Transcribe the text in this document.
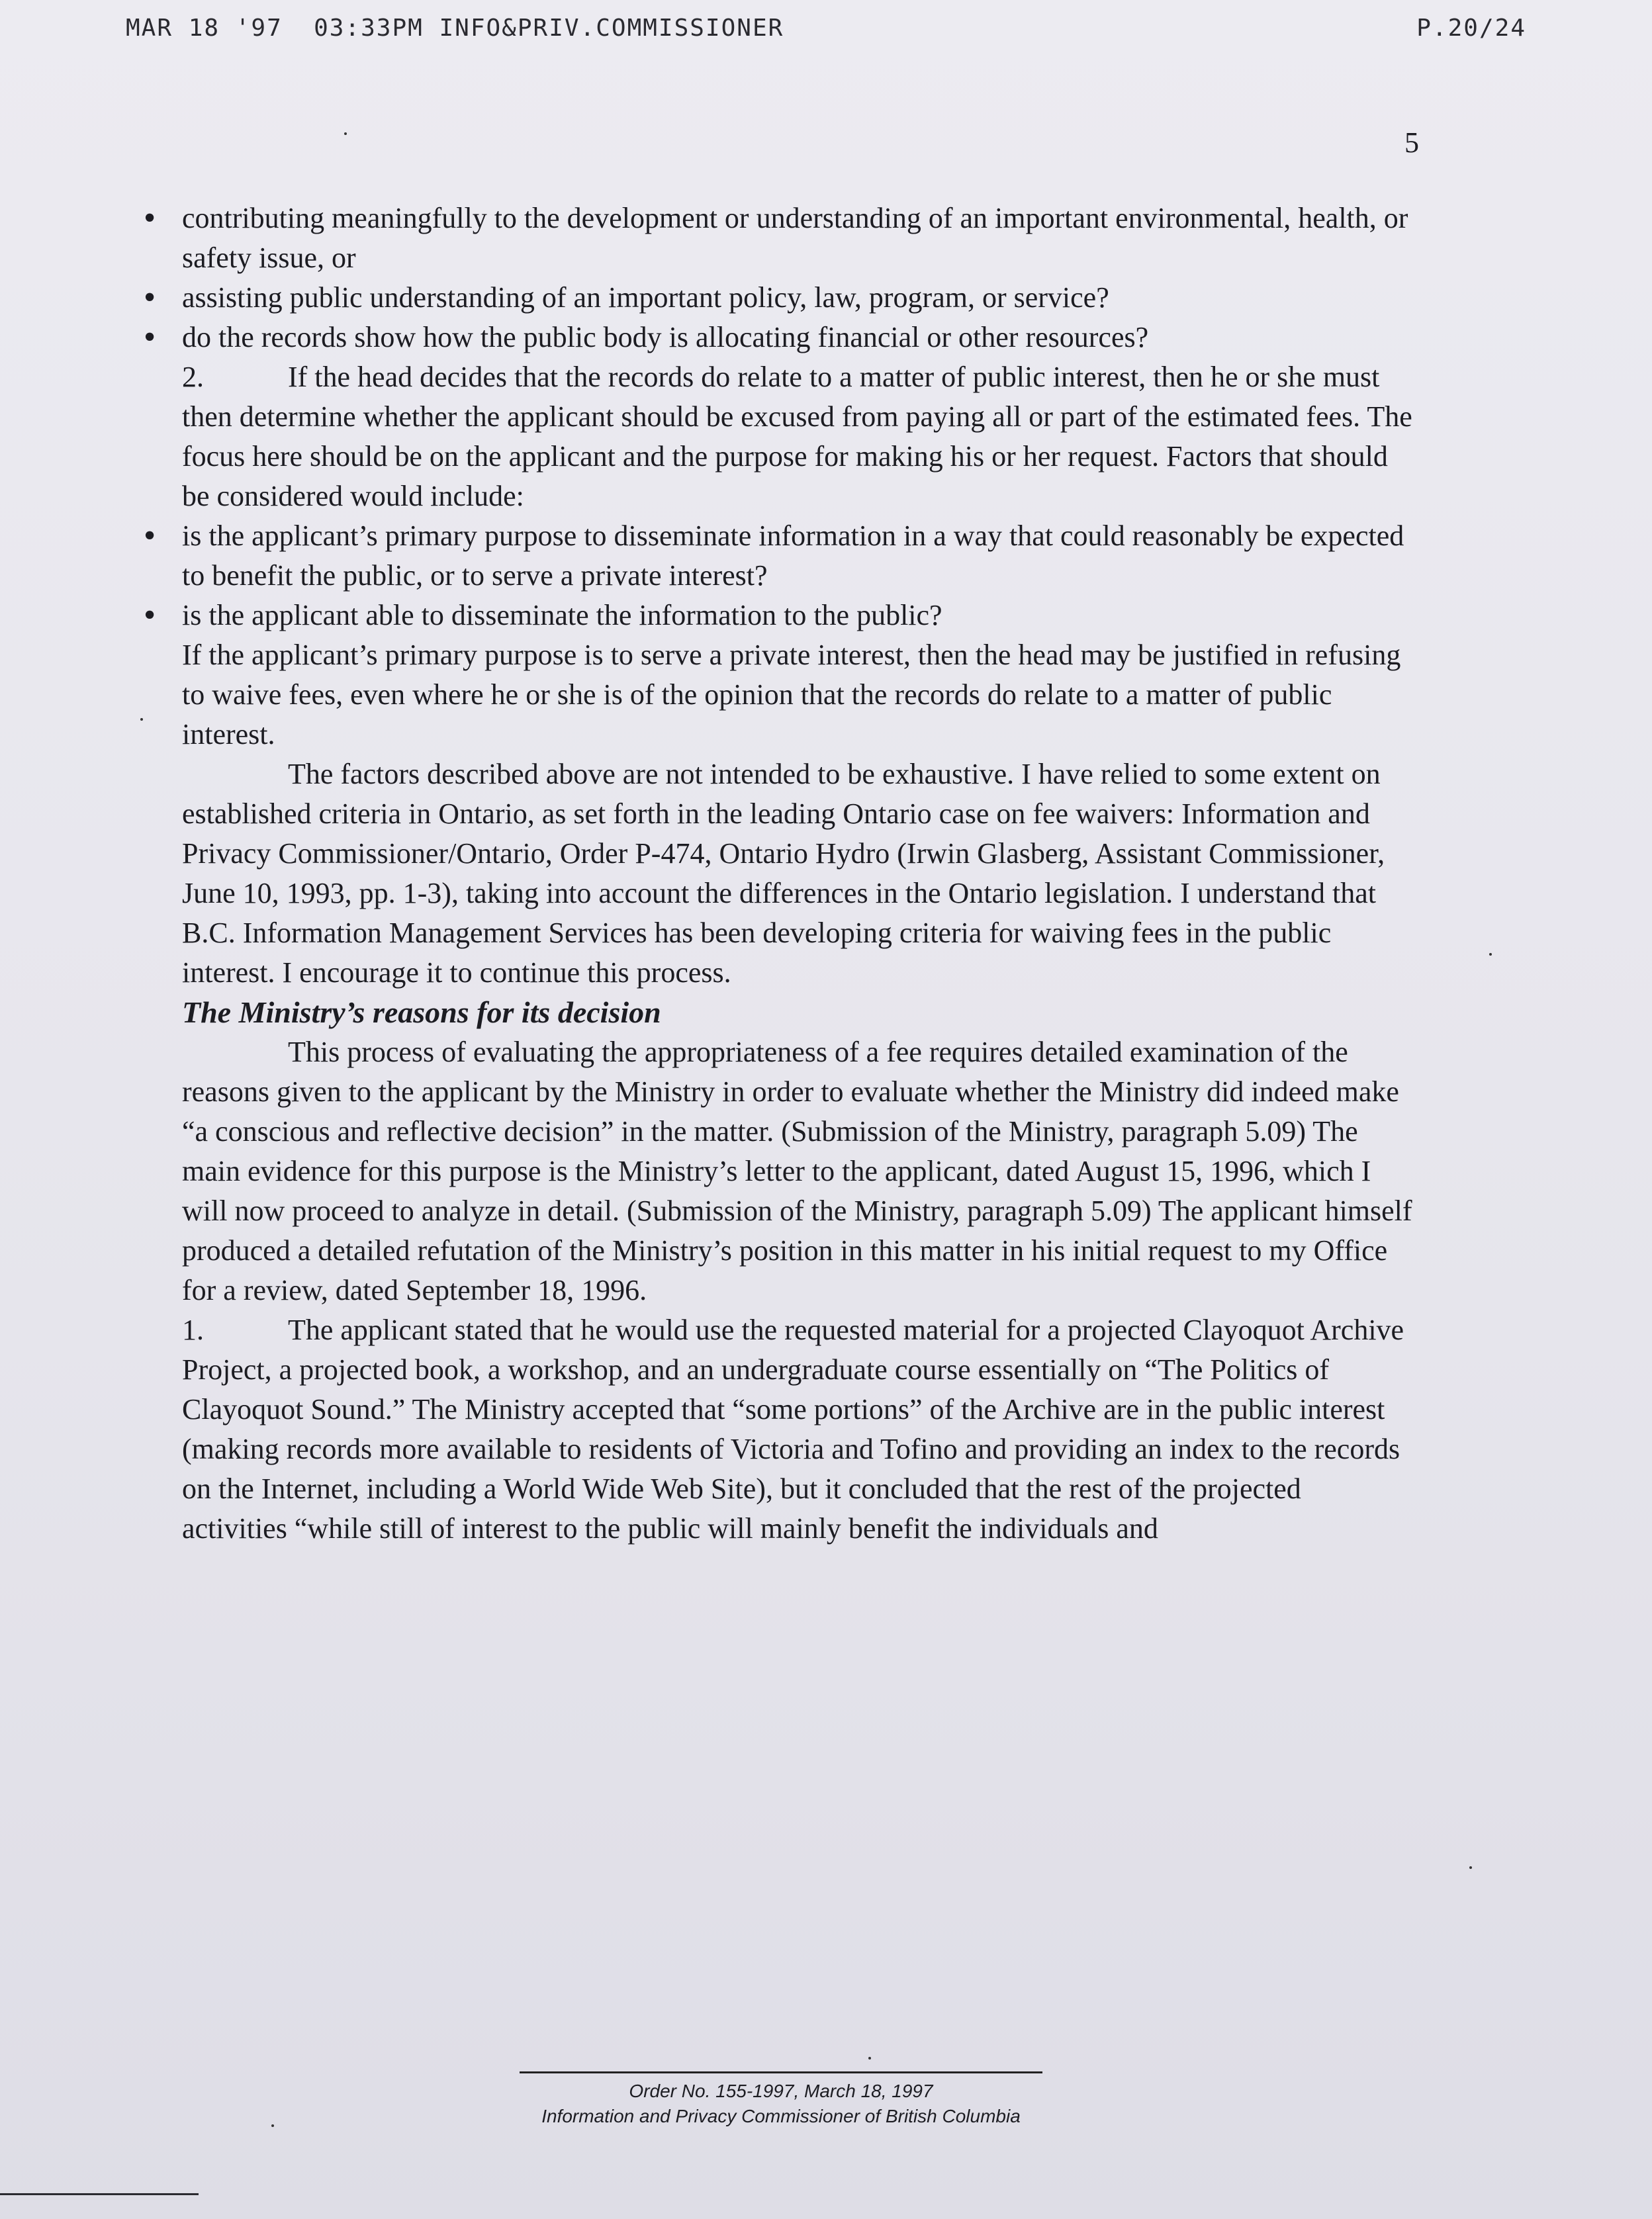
MAR 18 '97  03:33PM INFO&PRIV.COMMISSIONER	P.20/24
5
• contributing meaningfully to the development or understanding of an important environmental, health, or safety issue, or
• assisting public understanding of an important policy, law, program, or service?
• do the records show how the public body is allocating financial or other resources?

2.	If the head decides that the records do relate to a matter of public interest, then he or she must then determine whether the applicant should be excused from paying all or part of the estimated fees. The focus here should be on the applicant and the purpose for making his or her request. Factors that should be considered would include:

• is the applicant’s primary purpose to disseminate information in a way that could reasonably be expected to benefit the public, or to serve a private interest?
• is the applicant able to disseminate the information to the public?

If the applicant’s primary purpose is to serve a private interest, then the head may be justified in refusing to waive fees, even where he or she is of the opinion that the records do relate to a matter of public interest.

The factors described above are not intended to be exhaustive. I have relied to some extent on established criteria in Ontario, as set forth in the leading Ontario case on fee waivers: Information and Privacy Commissioner/Ontario, Order P-474, Ontario Hydro (Irwin Glasberg, Assistant Commissioner, June 10, 1993, pp. 1-3), taking into account the differences in the Ontario legislation. I understand that B.C. Information Management Services has been developing criteria for waiving fees in the public interest. I encourage it to continue this process.

The Ministry’s reasons for its decision

This process of evaluating the appropriateness of a fee requires detailed examination of the reasons given to the applicant by the Ministry in order to evaluate whether the Ministry did indeed make “a conscious and reflective decision” in the matter. (Submission of the Ministry, paragraph 5.09) The main evidence for this purpose is the Ministry’s letter to the applicant, dated August 15, 1996, which I will now proceed to analyze in detail. (Submission of the Ministry, paragraph 5.09) The applicant himself produced a detailed refutation of the Ministry’s position in this matter in his initial request to my Office for a review, dated September 18, 1996.

1.	The applicant stated that he would use the requested material for a projected Clayoquot Archive Project, a projected book, a workshop, and an undergraduate course essentially on “The Politics of Clayoquot Sound.” The Ministry accepted that “some portions” of the Archive are in the public interest (making records more available to residents of Victoria and Tofino and providing an index to the records on the Internet, including a World Wide Web Site), but it concluded that the rest of the projected activities “while still of interest to the public will mainly benefit the individuals and

Order No. 155-1997, March 18, 1997
Information and Privacy Commissioner of British Columbia
